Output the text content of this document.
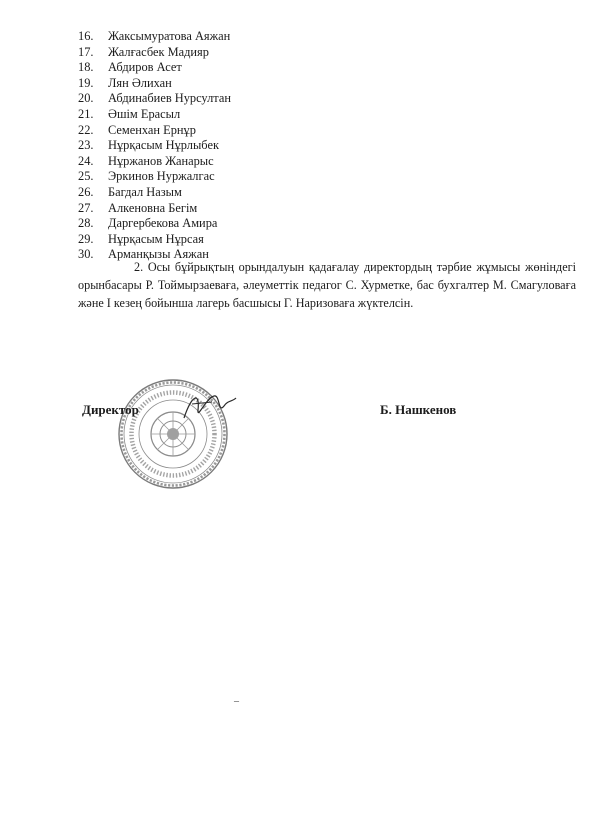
16.	Жаксымуратова Аяжан
17.	Жалғасбек Мадияр
18.	Абдиров Асет
19.	Лян Әлихан
20.	Абдинабиев Нурсултан
21.	Әшім Ерасыл
22.	Семенхан Ернұр
23.	Нұрқасым Нұрлыбек
24.	Нұржанов Жанарыс
25.	Эркинов Нуржалгас
26.	Багдал Назым
27.	Алкеновна Бегім
28.	Даргербекова Амира
29.	Нұрқасым Нұрсая
30.	Арманқызы Аяжан

2. Осы бұйрықтың орындалуын қадағалау директордың тәрбие жұмысы жөніндегі орынбасары Р. Тоймырзаеваға, әлеуметтік педагог С. Хурметке, бас бухгалтер М. Смагуловаға және І кезең бойынша лагерь басшысы Г. Наризоваға жүктелсін.

Директор	Б. Нашкенов
–
